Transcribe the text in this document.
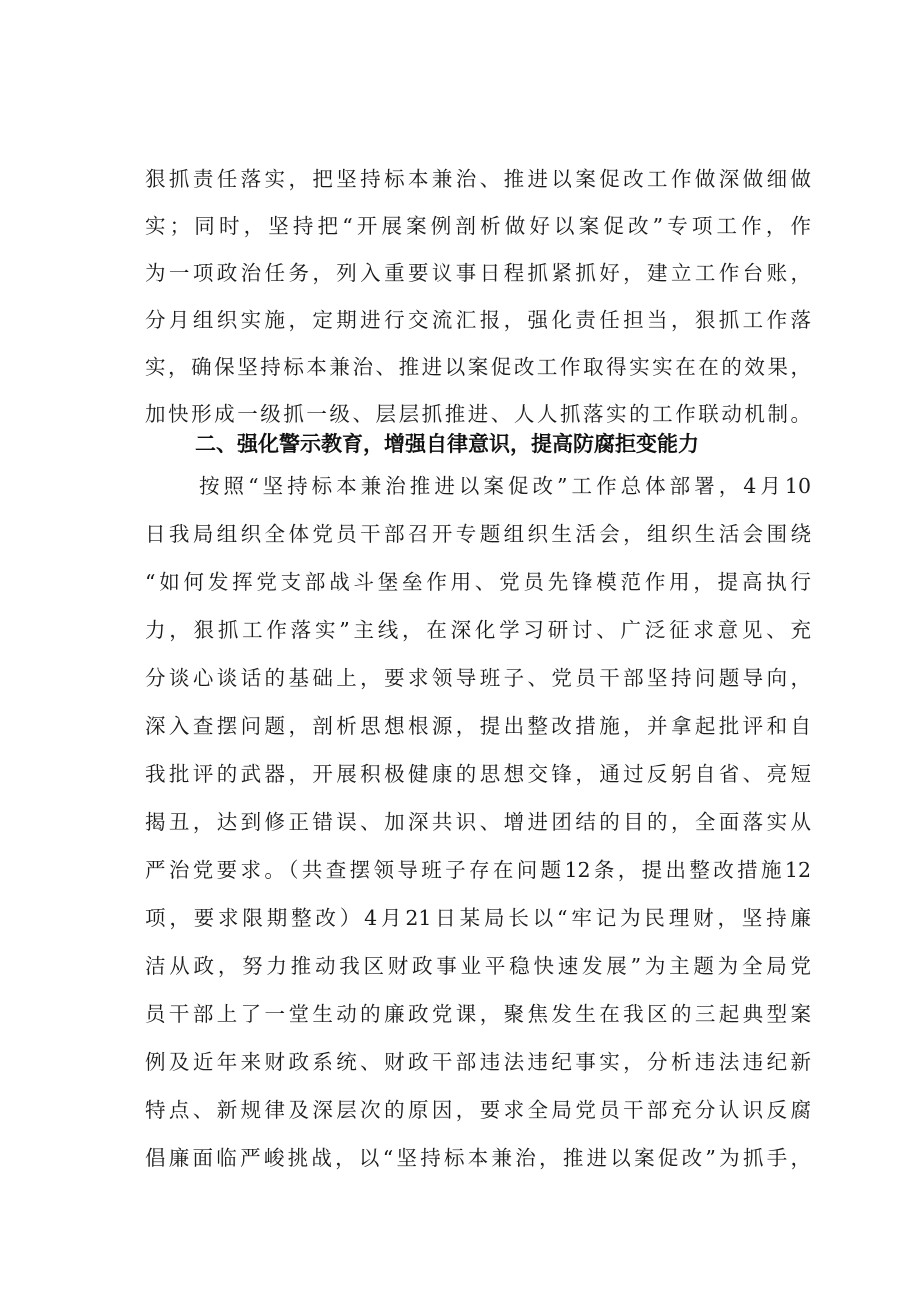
狠抓责任落实，把坚持标本兼治、推进以案促改工作做深做细做
实；同时，坚持把“开展案例剖析做好以案促改”专项工作，作
为一项政治任务，列入重要议事日程抓紧抓好，建立工作台账，
分月组织实施，定期进行交流汇报，强化责任担当，狠抓工作落
实，确保坚持标本兼治、推进以案促改工作取得实实在在的效果，
加快形成一级抓一级、层层抓推进、人人抓落实的工作联动机制。
二、强化警示教育，增强自律意识，提高防腐拒变能力
按照“坚持标本兼治推进以案促改”工作总体部署，4月10
日我局组织全体党员干部召开专题组织生活会，组织生活会围绕
“如何发挥党支部战斗堡垒作用、党员先锋模范作用，提高执行
力，狠抓工作落实”主线，在深化学习研讨、广泛征求意见、充
分谈心谈话的基础上，要求领导班子、党员干部坚持问题导向，
深入查摆问题，剖析思想根源，提出整改措施，并拿起批评和自
我批评的武器，开展积极健康的思想交锋，通过反躬自省、亮短
揭丑，达到修正错误、加深共识、增进团结的目的，全面落实从
严治党要求。（共查摆领导班子存在问题12条，提出整改措施12
项，要求限期整改）4月21日某局长以“牢记为民理财，坚持廉
洁从政，努力推动我区财政事业平稳快速发展”为主题为全局党
员干部上了一堂生动的廉政党课，聚焦发生在我区的三起典型案
例及近年来财政系统、财政干部违法违纪事实，分析违法违纪新
特点、新规律及深层次的原因，要求全局党员干部充分认识反腐
倡廉面临严峻挑战，以“坚持标本兼治，推进以案促改”为抓手，
